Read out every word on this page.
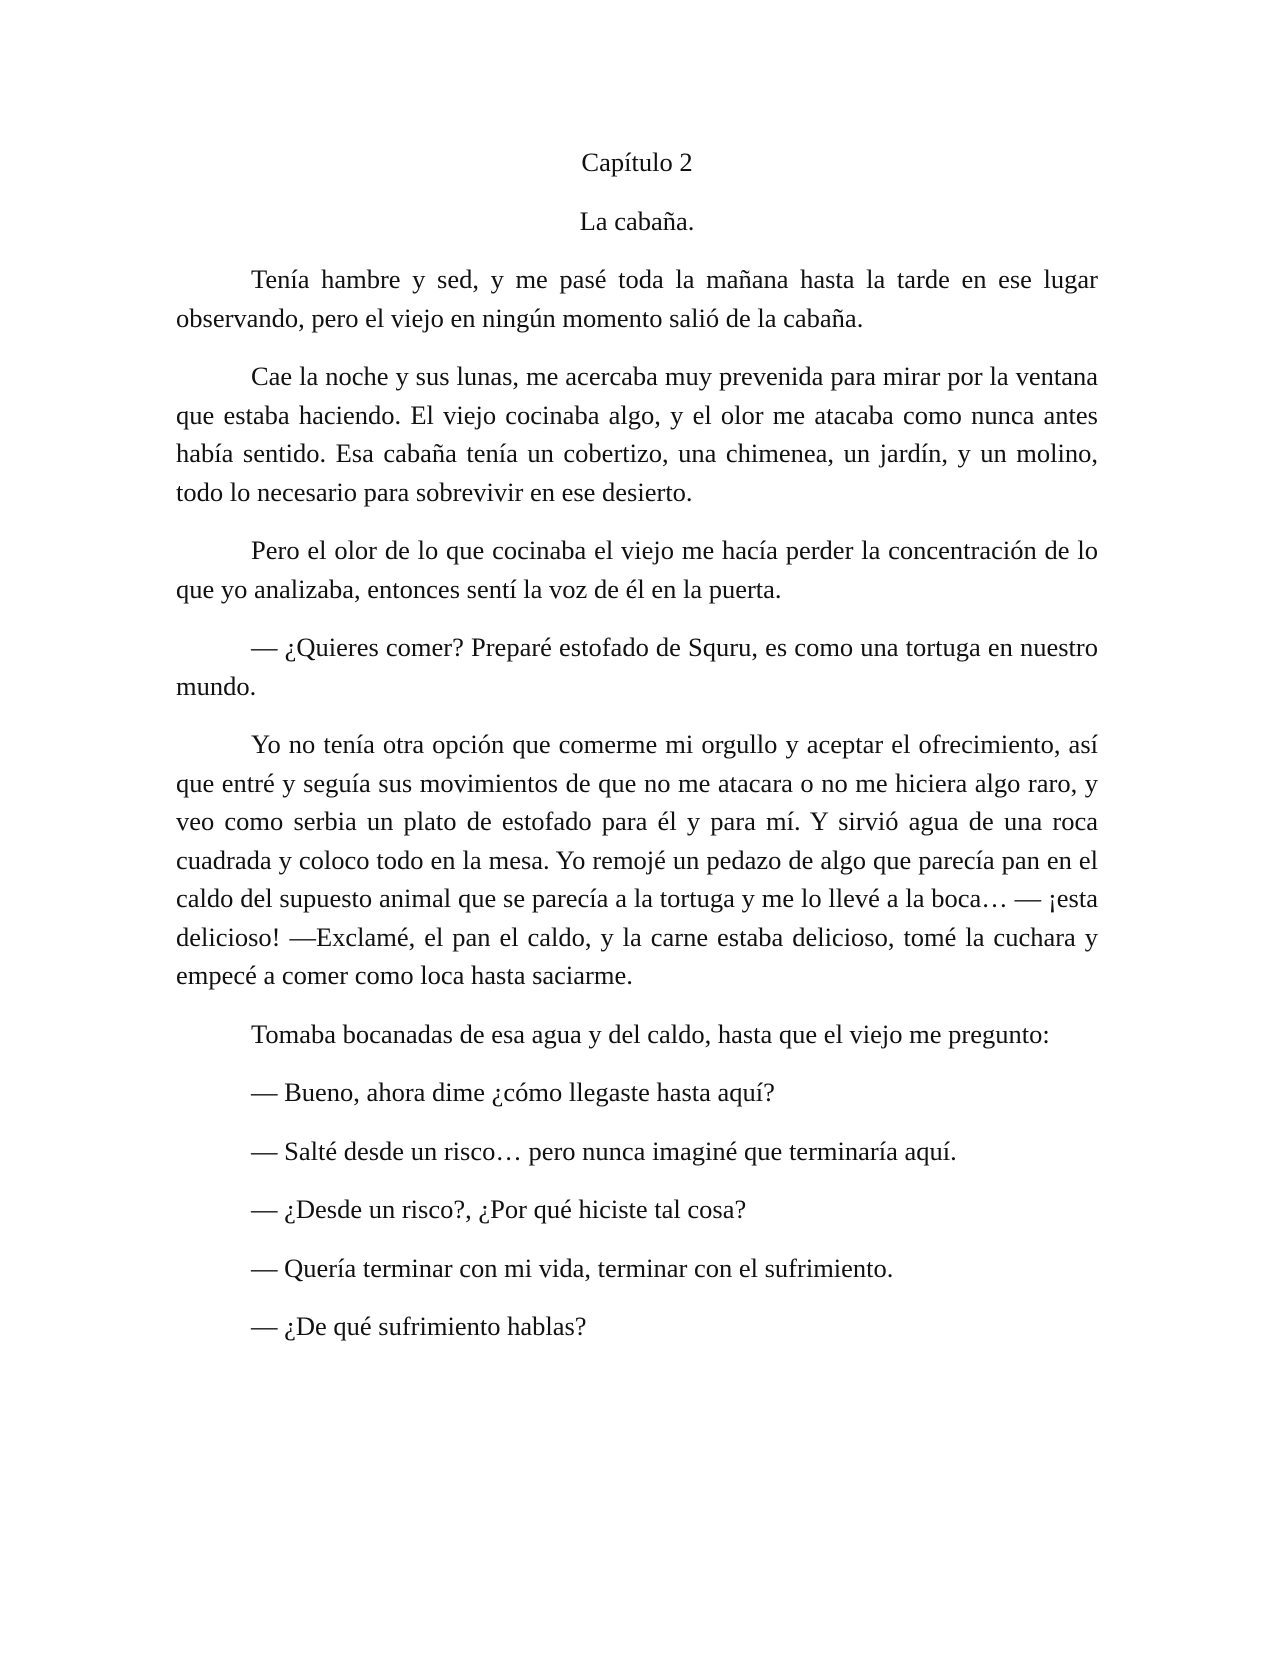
Capítulo 2
La cabaña.

Tenía hambre y sed, y me pasé toda la mañana hasta la tarde en ese lugar observando, pero el viejo en ningún momento salió de la cabaña.

Cae la noche y sus lunas, me acercaba muy prevenida para mirar por la ventana que estaba haciendo. El viejo cocinaba algo, y el olor me atacaba como nunca antes había sentido. Esa cabaña tenía un cobertizo, una chimenea, un jardín, y un molino, todo lo necesario para sobrevivir en ese desierto.

Pero el olor de lo que cocinaba el viejo me hacía perder la concentración de lo que yo analizaba, entonces sentí la voz de él en la puerta.

— ¿Quieres comer? Preparé estofado de Squru, es como una tortuga en nuestro mundo.

Yo no tenía otra opción que comerme mi orgullo y aceptar el ofrecimiento, así que entré y seguía sus movimientos de que no me atacara o no me hiciera algo raro, y veo como serbia un plato de estofado para él y para mí. Y sirvió agua de una roca cuadrada y coloco todo en la mesa. Yo remojé un pedazo de algo que parecía pan en el caldo del supuesto animal que se parecía a la tortuga y me lo llevé a la boca… — ¡esta delicioso! —Exclamé, el pan el caldo, y la carne estaba delicioso, tomé la cuchara y empecé a comer como loca hasta saciarme.

Tomaba bocanadas de esa agua y del caldo, hasta que el viejo me pregunto:

— Bueno, ahora dime ¿cómo llegaste hasta aquí?

— Salté desde un risco… pero nunca imaginé que terminaría aquí.

— ¿Desde un risco?, ¿Por qué hiciste tal cosa?

— Quería terminar con mi vida, terminar con el sufrimiento.

— ¿De qué sufrimiento hablas?
